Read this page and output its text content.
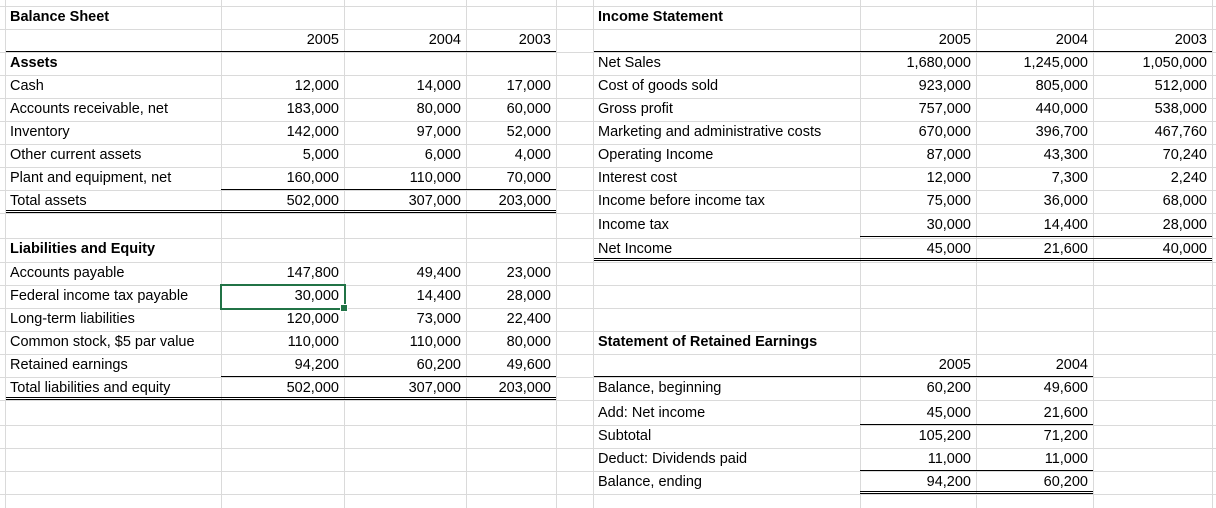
Balance Sheet
2005	2004	2003
Assets
Cash	12,000	14,000	17,000
Accounts receivable, net	183,000	80,000	60,000
Inventory	142,000	97,000	52,000
Other current assets	5,000	6,000	4,000
Plant and equipment, net	160,000	110,000	70,000
Total assets	502,000	307,000	203,000
Liabilities and Equity
Accounts payable	147,800	49,400	23,000
Federal income tax payable	30,000	14,400	28,000
Long-term liabilities	120,000	73,000	22,400
Common stock, $5 par value	110,000	110,000	80,000
Retained earnings	94,200	60,200	49,600
Total liabilities and equity	502,000	307,000	203,000
Income Statement
2005	2004	2003
Net Sales	1,680,000	1,245,000	1,050,000
Cost of goods sold	923,000	805,000	512,000
Gross profit	757,000	440,000	538,000
Marketing and administrative costs	670,000	396,700	467,760
Operating Income	87,000	43,300	70,240
Interest cost	12,000	7,300	2,240
Income before income tax	75,000	36,000	68,000
Income tax	30,000	14,400	28,000
Net Income	45,000	21,600	40,000
Statement of Retained Earnings
2005	2004
Balance, beginning	60,200	49,600
Add: Net income	45,000	21,600
Subtotal	105,200	71,200
Deduct: Dividends paid	11,000	11,000
Balance, ending	94,200	60,200
